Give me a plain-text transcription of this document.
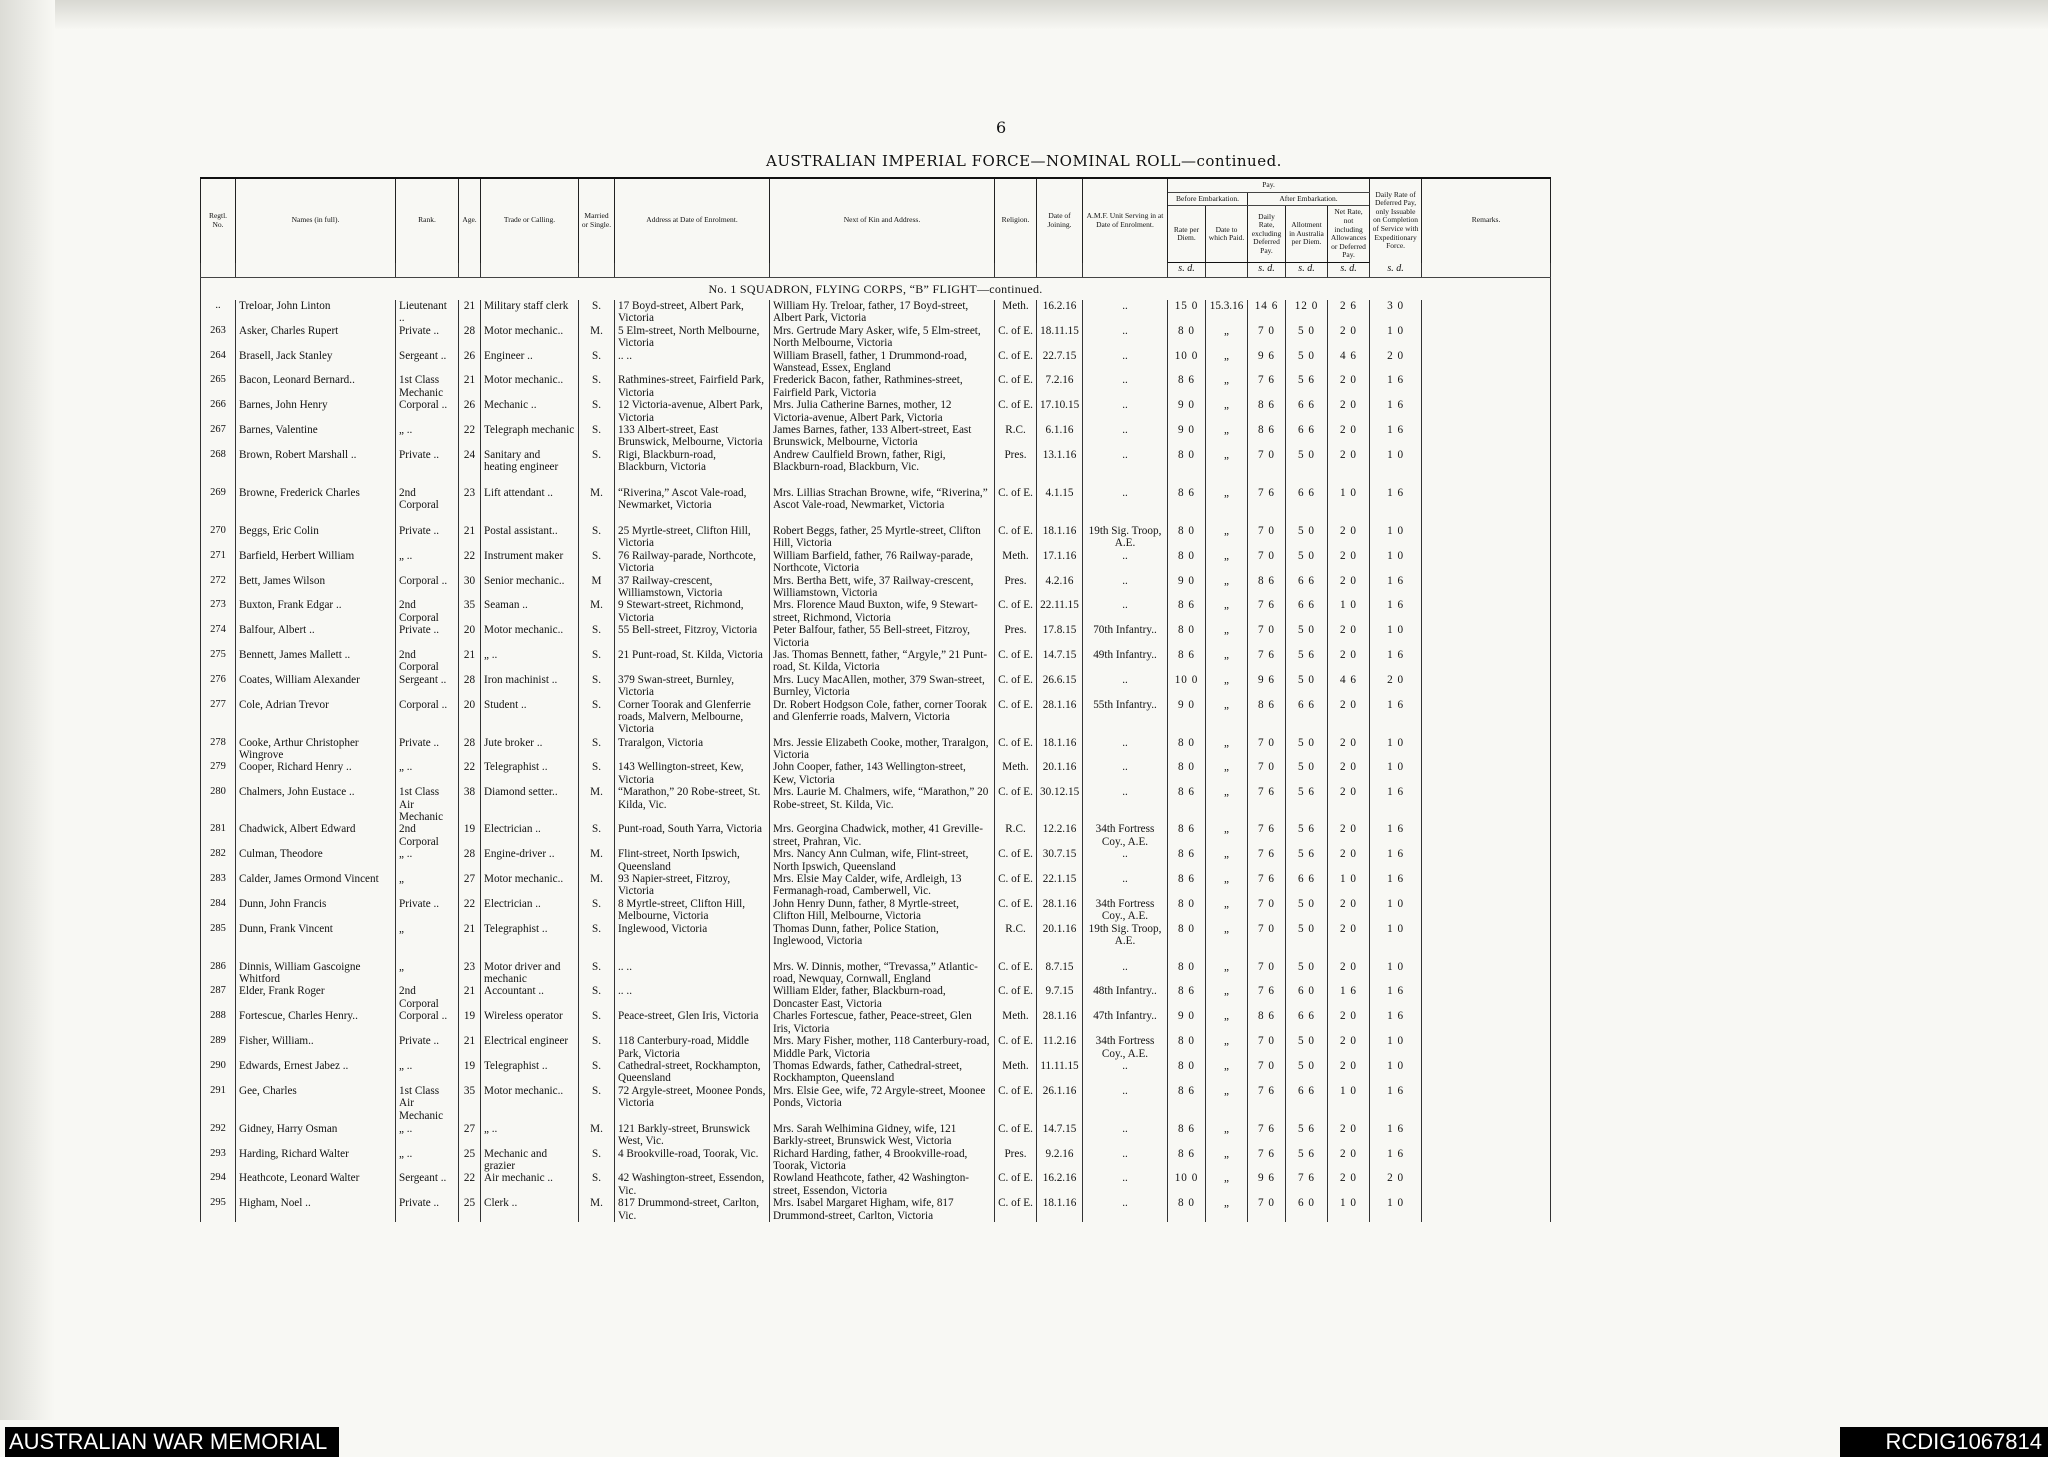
6
AUSTRALIAN IMPERIAL FORCE—NOMINAL ROLL—continued.
Regtl. No.	Names (in full).	Rank.	Age.	Trade or Calling.	Married or Single.	Address at Date of Enrolment.	Next of Kin and Address.	Religion.	Date of Joining.	A.M.F. Unit Serving in at Date of Enrolment.	Pay.					Daily Rate of Deferred Pay, only Issuable on Completion of Service with Expeditionary Force.	Remarks.
											Before Embarkation.		After Embarkation.				
											Rate per Diem.	Date to which Paid.	Daily Rate, excluding Deferred Pay.	Allotment in Australia per Diem.	Net Rate, not including Allowances or Deferred Pay.		
											s. d.		s. d.	s. d.	s. d.	s. d.	
No. 1 SQUADRON, FLYING CORPS, “B” FLIGHT—continued.																	
..	Treloar, John Linton	Lieutenant ..	21	Military staff clerk	S.	17 Boyd-street, Albert Park, Victoria	William Hy. Treloar, father, 17 Boyd-street, Albert Park, Victoria	Meth.	16.2.16	..	15 0	15.3.16	14 6	12 0	2 6	3 0	
263	Asker, Charles Rupert	Private ..	28	Motor mechanic..	M.	5 Elm-street, North Melbourne, Victoria	Mrs. Gertrude Mary Asker, wife, 5 Elm-street, North Melbourne, Victoria	C. of E.	18.11.15	..	8 0	„	7 0	5 0	2 0	1 0	
264	Brasell, Jack Stanley	Sergeant ..	26	Engineer ..	S.	.. ..	William Brasell, father, 1 Drummond-road, Wanstead, Essex, England	C. of E.	22.7.15	..	10 0	„	9 6	5 0	4 6	2 0	
265	Bacon, Leonard Bernard..	1st Class Mechanic	21	Motor mechanic..	S.	Rathmines-street, Fairfield Park, Victoria	Frederick Bacon, father, Rathmines-street, Fairfield Park, Victoria	C. of E.	7.2.16	..	8 6	„	7 6	5 6	2 0	1 6	
266	Barnes, John Henry	Corporal ..	26	Mechanic ..	S.	12 Victoria-avenue, Albert Park, Victoria	Mrs. Julia Catherine Barnes, mother, 12 Victoria-avenue, Albert Park, Victoria	C. of E.	17.10.15	..	9 0	„	8 6	6 6	2 0	1 6	
267	Barnes, Valentine	„ ..	22	Telegraph mechanic	S.	133 Albert-street, East Brunswick, Melbourne, Victoria	James Barnes, father, 133 Albert-street, East Brunswick, Melbourne, Victoria	R.C.	6.1.16	..	9 0	„	8 6	6 6	2 0	1 6	
268	Brown, Robert Marshall ..	Private ..	24	Sanitary and heating engineer	S.	Rigi, Blackburn-road, Blackburn, Victoria	Andrew Caulfield Brown, father, Rigi, Blackburn-road, Blackburn, Vic.	Pres.	13.1.16	..	8 0	„	7 0	5 0	2 0	1 0	
269	Browne, Frederick Charles	2nd Corporal	23	Lift attendant ..	M.	“Riverina,” Ascot Vale-road, Newmarket, Victoria	Mrs. Lillias Strachan Browne, wife, “Riverina,” Ascot Vale-road, Newmarket, Victoria	C. of E.	4.1.15	..	8 6	„	7 6	6 6	1 0	1 6	
270	Beggs, Eric Colin	Private ..	21	Postal assistant..	S.	25 Myrtle-street, Clifton Hill, Victoria	Robert Beggs, father, 25 Myrtle-street, Clifton Hill, Victoria	C. of E.	18.1.16	19th Sig. Troop, A.E.	8 0	„	7 0	5 0	2 0	1 0	
271	Barfield, Herbert William	„ ..	22	Instrument maker	S.	76 Railway-parade, Northcote, Victoria	William Barfield, father, 76 Railway-parade, Northcote, Victoria	Meth.	17.1.16	..	8 0	„	7 0	5 0	2 0	1 0	
272	Bett, James Wilson	Corporal ..	30	Senior mechanic..	M	37 Railway-crescent, Williamstown, Victoria	Mrs. Bertha Bett, wife, 37 Railway-crescent, Williamstown, Victoria	Pres.	4.2.16	..	9 0	„	8 6	6 6	2 0	1 6	
273	Buxton, Frank Edgar ..	2nd Corporal	35	Seaman ..	M.	9 Stewart-street, Richmond, Victoria	Mrs. Florence Maud Buxton, wife, 9 Stewart-street, Richmond, Victoria	C. of E.	22.11.15	..	8 6	„	7 6	6 6	1 0	1 6	
274	Balfour, Albert ..	Private ..	20	Motor mechanic..	S.	55 Bell-street, Fitzroy, Victoria	Peter Balfour, father, 55 Bell-street, Fitzroy, Victoria	Pres.	17.8.15	70th Infantry..	8 0	„	7 0	5 0	2 0	1 0	
275	Bennett, James Mallett ..	2nd Corporal	21	„ ..	S.	21 Punt-road, St. Kilda, Victoria	Jas. Thomas Bennett, father, “Argyle,” 21 Punt-road, St. Kilda, Victoria	C. of E.	14.7.15	49th Infantry..	8 6	„	7 6	5 6	2 0	1 6	
276	Coates, William Alexander	Sergeant ..	28	Iron machinist ..	S.	379 Swan-street, Burnley, Victoria	Mrs. Lucy MacAllen, mother, 379 Swan-street, Burnley, Victoria	C. of E.	26.6.15	..	10 0	„	9 6	5 0	4 6	2 0	
277	Cole, Adrian Trevor	Corporal ..	20	Student ..	S.	Corner Toorak and Glenferrie roads, Malvern, Melbourne, Victoria	Dr. Robert Hodgson Cole, father, corner Toorak and Glenferrie roads, Malvern, Victoria	C. of E.	28.1.16	55th Infantry..	9 0	„	8 6	6 6	2 0	1 6	
278	Cooke, Arthur Christopher Wingrove	Private ..	28	Jute broker ..	S.	Traralgon, Victoria	Mrs. Jessie Elizabeth Cooke, mother, Traralgon, Victoria	C. of E.	18.1.16	..	8 0	„	7 0	5 0	2 0	1 0	
279	Cooper, Richard Henry ..	„ ..	22	Telegraphist ..	S.	143 Wellington-street, Kew, Victoria	John Cooper, father, 143 Wellington-street, Kew, Victoria	Meth.	20.1.16	..	8 0	„	7 0	5 0	2 0	1 0	
280	Chalmers, John Eustace ..	1st Class Air Mechanic	38	Diamond setter..	M.	“Marathon,” 20 Robe-street, St. Kilda, Vic.	Mrs. Laurie M. Chalmers, wife, “Marathon,” 20 Robe-street, St. Kilda, Vic.	C. of E.	30.12.15	..	8 6	„	7 6	5 6	2 0	1 6	
281	Chadwick, Albert Edward	2nd Corporal	19	Electrician ..	S.	Punt-road, South Yarra, Victoria	Mrs. Georgina Chadwick, mother, 41 Greville-street, Prahran, Vic.	R.C.	12.2.16	34th Fortress Coy., A.E.	8 6	„	7 6	5 6	2 0	1 6	
282	Culman, Theodore	„ ..	28	Engine-driver ..	M.	Flint-street, North Ipswich, Queensland	Mrs. Nancy Ann Culman, wife, Flint-street, North Ipswich, Queensland	C. of E.	30.7.15	..	8 6	„	7 6	5 6	2 0	1 6	
283	Calder, James Ormond Vincent	„	27	Motor mechanic..	M.	93 Napier-street, Fitzroy, Victoria	Mrs. Elsie May Calder, wife, Ardleigh, 13 Fermanagh-road, Camberwell, Vic.	C. of E.	22.1.15	..	8 6	„	7 6	6 6	1 0	1 6	
284	Dunn, John Francis	Private ..	22	Electrician ..	S.	8 Myrtle-street, Clifton Hill, Melbourne, Victoria	John Henry Dunn, father, 8 Myrtle-street, Clifton Hill, Melbourne, Victoria	C. of E.	28.1.16	34th Fortress Coy., A.E.	8 0	„	7 0	5 0	2 0	1 0	
285	Dunn, Frank Vincent	„	21	Telegraphist ..	S.	Inglewood, Victoria	Thomas Dunn, father, Police Station, Inglewood, Victoria	R.C.	20.1.16	19th Sig. Troop, A.E.	8 0	„	7 0	5 0	2 0	1 0	
286	Dinnis, William Gascoigne Whitford	„	23	Motor driver and mechanic	S.	.. ..	Mrs. W. Dinnis, mother, “Trevassa,” Atlantic-road, Newquay, Cornwall, England	C. of E.	8.7.15	..	8 0	„	7 0	5 0	2 0	1 0	
287	Elder, Frank Roger	2nd Corporal	21	Accountant ..	S.	.. ..	William Elder, father, Blackburn-road, Doncaster East, Victoria	C. of E.	9.7.15	48th Infantry..	8 6	„	7 6	6 0	1 6	1 6	
288	Fortescue, Charles Henry..	Corporal ..	19	Wireless operator	S.	Peace-street, Glen Iris, Victoria	Charles Fortescue, father, Peace-street, Glen Iris, Victoria	Meth.	28.1.16	47th Infantry..	9 0	„	8 6	6 6	2 0	1 6	
289	Fisher, William..	Private ..	21	Electrical engineer	S.	118 Canterbury-road, Middle Park, Victoria	Mrs. Mary Fisher, mother, 118 Canterbury-road, Middle Park, Victoria	C. of E.	11.2.16	34th Fortress Coy., A.E.	8 0	„	7 0	5 0	2 0	1 0	
290	Edwards, Ernest Jabez ..	„ ..	19	Telegraphist ..	S.	Cathedral-street, Rockhampton, Queensland	Thomas Edwards, father, Cathedral-street, Rockhampton, Queensland	Meth.	11.11.15	..	8 0	„	7 0	5 0	2 0	1 0	
291	Gee, Charles	1st Class Air Mechanic	35	Motor mechanic..	S.	72 Argyle-street, Moonee Ponds, Victoria	Mrs. Elsie Gee, wife, 72 Argyle-street, Moonee Ponds, Victoria	C. of E.	26.1.16	..	8 6	„	7 6	6 6	1 0	1 6	
292	Gidney, Harry Osman	„ ..	27	„ ..	M.	121 Barkly-street, Brunswick West, Vic.	Mrs. Sarah Welhimina Gidney, wife, 121 Barkly-street, Brunswick West, Victoria	C. of E.	14.7.15	..	8 6	„	7 6	5 6	2 0	1 6	
293	Harding, Richard Walter	„ ..	25	Mechanic and grazier	S.	4 Brookville-road, Toorak, Vic.	Richard Harding, father, 4 Brookville-road, Toorak, Victoria	Pres.	9.2.16	..	8 6	„	7 6	5 6	2 0	1 6	
294	Heathcote, Leonard Walter	Sergeant ..	22	Air mechanic ..	S.	42 Washington-street, Essendon, Vic.	Rowland Heathcote, father, 42 Washington-street, Essendon, Victoria	C. of E.	16.2.16	..	10 0	„	9 6	7 6	2 0	2 0	
295	Higham, Noel ..	Private ..	25	Clerk ..	M.	817 Drummond-street, Carlton, Vic.	Mrs. Isabel Margaret Higham, wife, 817 Drummond-street, Carlton, Victoria	C. of E.	18.1.16	..	8 0	„	7 0	6 0	1 0	1 0	
AUSTRALIAN WAR MEMORIAL	RCDIG1067814
